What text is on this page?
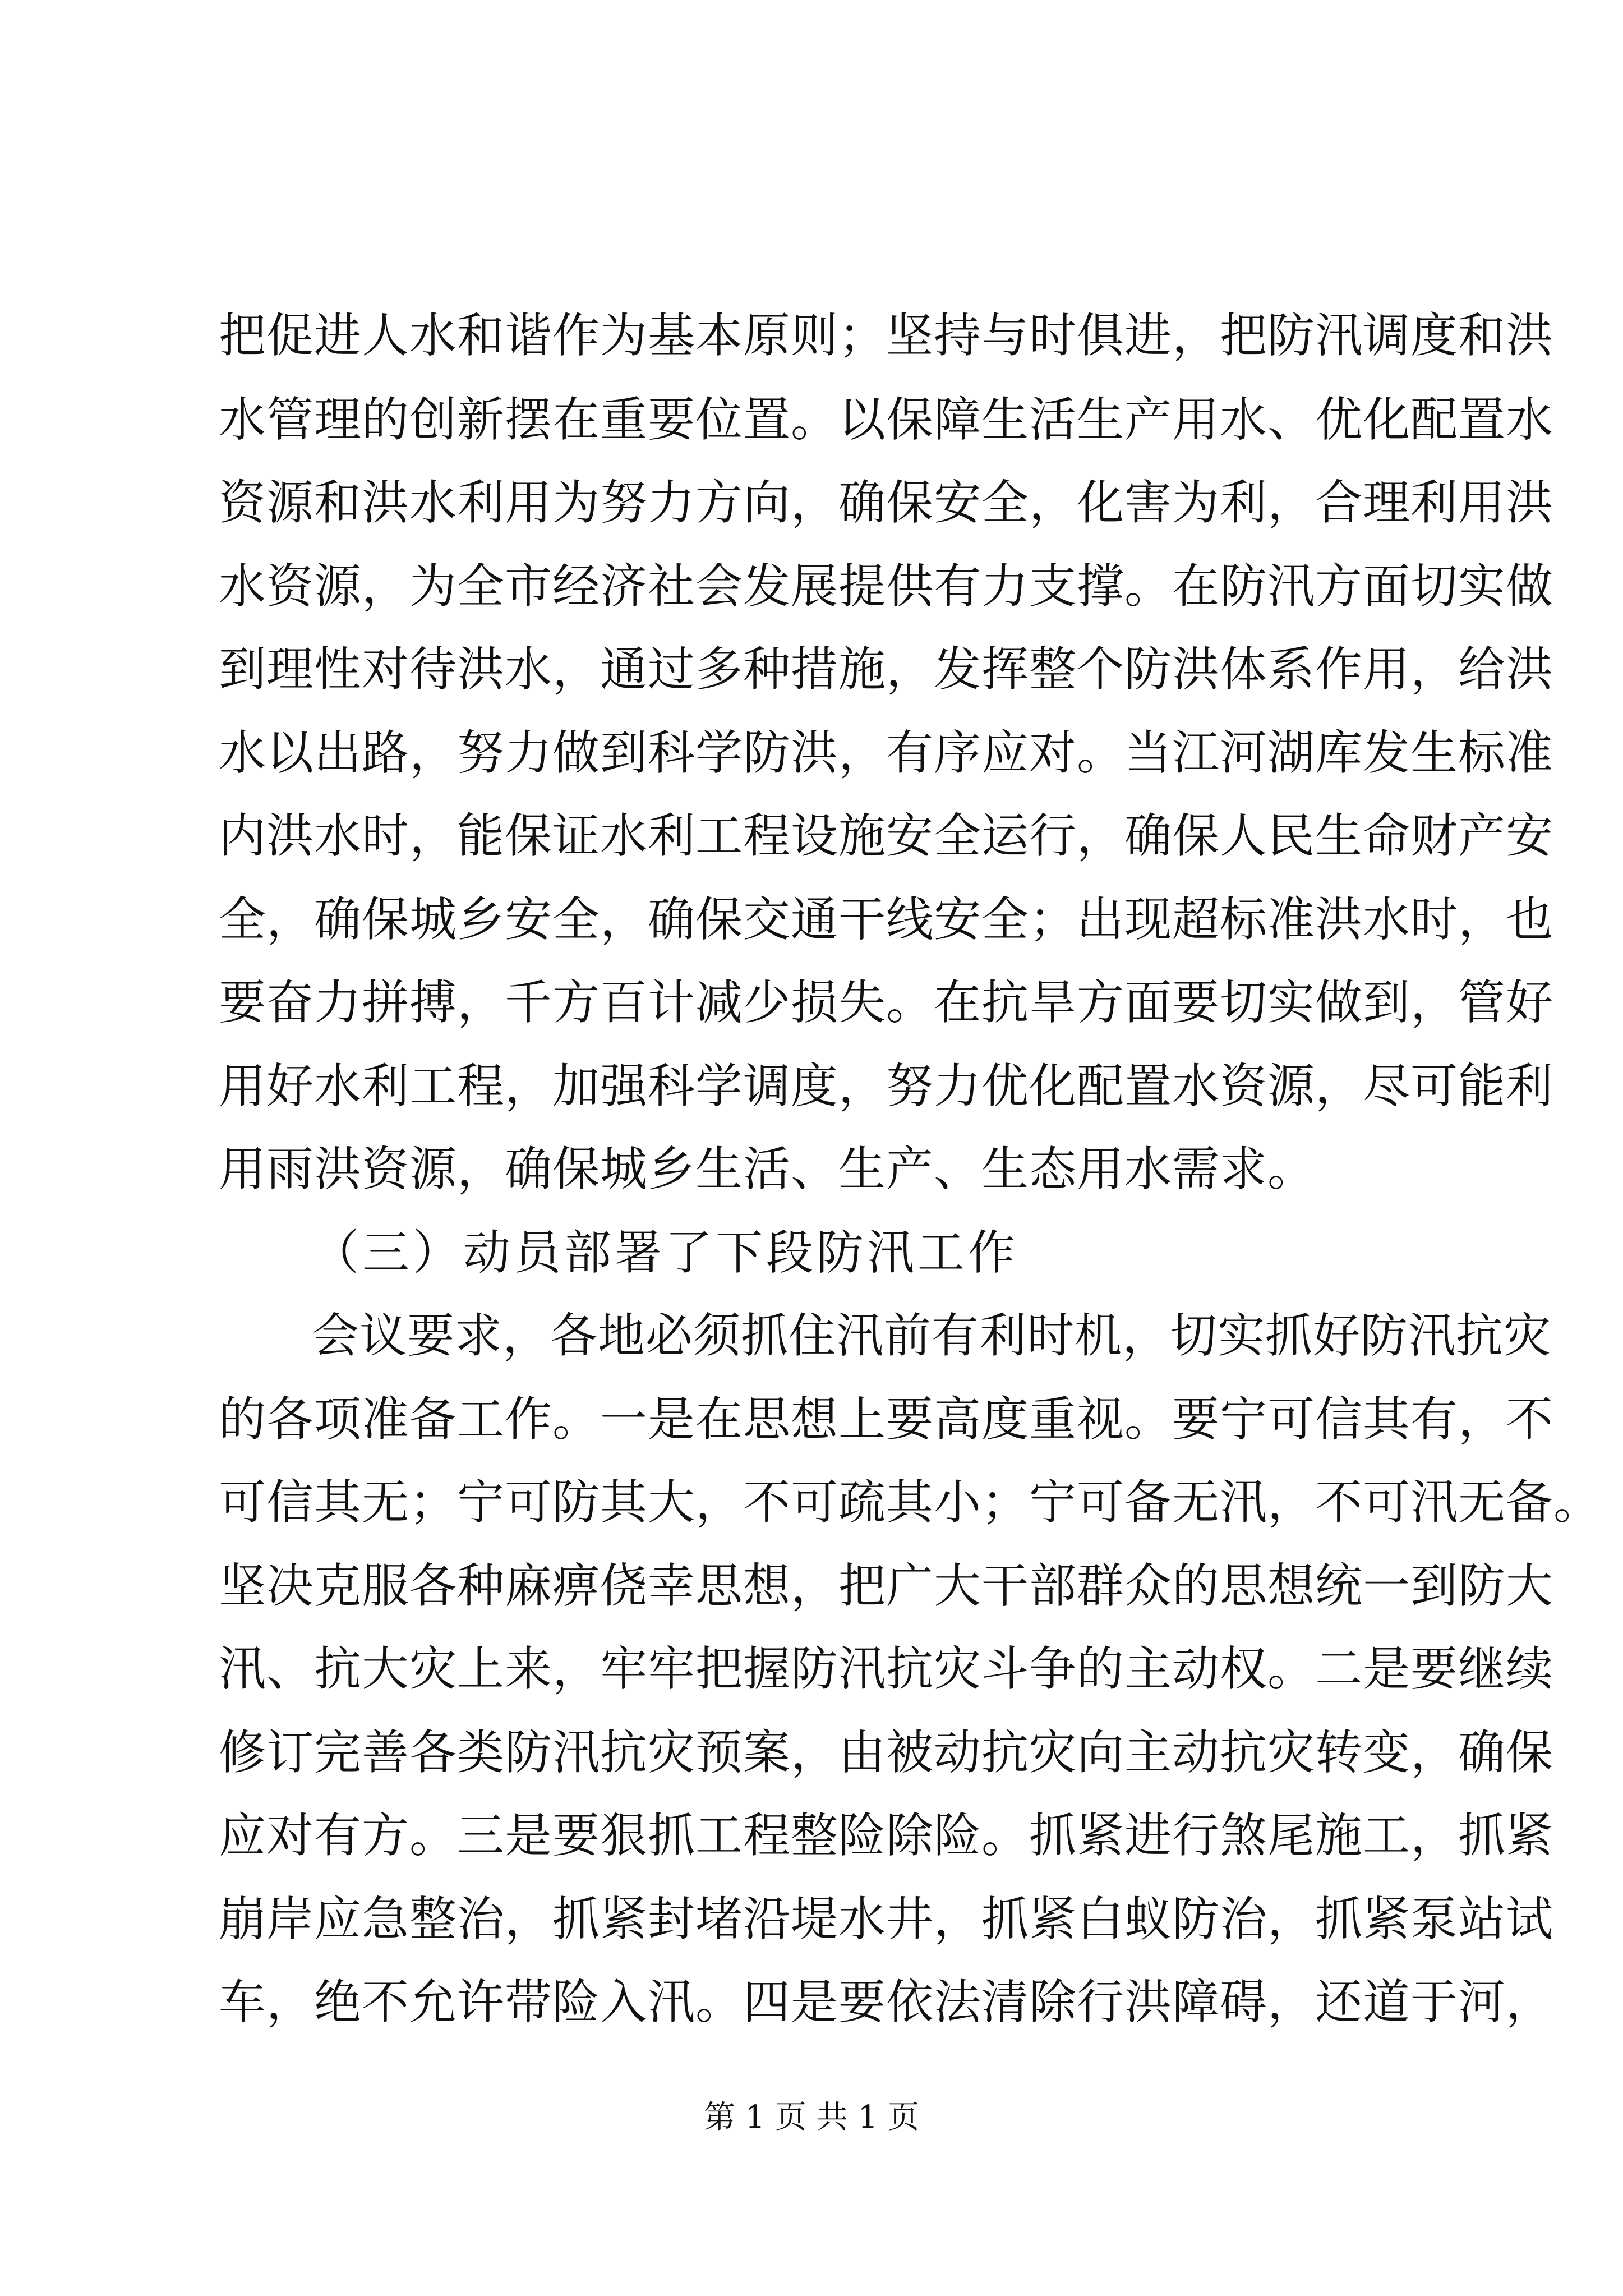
把促进人水和谐作为基本原则；坚持与时俱进，把防汛调度和洪
水管理的创新摆在重要位置。以保障生活生产用水、优化配置水
资源和洪水利用为努力方向，确保安全，化害为利，合理利用洪
水资源，为全市经济社会发展提供有力支撑。在防汛方面切实做
到理性对待洪水，通过多种措施，发挥整个防洪体系作用，给洪
水以出路，努力做到科学防洪，有序应对。当江河湖库发生标准
内洪水时，能保证水利工程设施安全运行，确保人民生命财产安
全，确保城乡安全，确保交通干线安全；出现超标准洪水时，也
要奋力拼搏，千方百计减少损失。在抗旱方面要切实做到，管好
用好水利工程，加强科学调度，努力优化配置水资源，尽可能利
用雨洪资源，确保城乡生活、生产、生态用水需求。
（三）动员部署了下段防汛工作
会议要求，各地必须抓住汛前有利时机，切实抓好防汛抗灾
的各项准备工作。一是在思想上要高度重视。要宁可信其有，不
可信其无；宁可防其大，不可疏其小；宁可备无汛，不可汛无备。
坚决克服各种麻痹侥幸思想，把广大干部群众的思想统一到防大
汛、抗大灾上来，牢牢把握防汛抗灾斗争的主动权。二是要继续
修订完善各类防汛抗灾预案，由被动抗灾向主动抗灾转变，确保
应对有方。三是要狠抓工程整险除险。抓紧进行煞尾施工，抓紧
崩岸应急整治，抓紧封堵沿堤水井，抓紧白蚁防治，抓紧泵站试
车，绝不允许带险入汛。四是要依法清除行洪障碍，还道于河，
第 1 页 共 1 页
